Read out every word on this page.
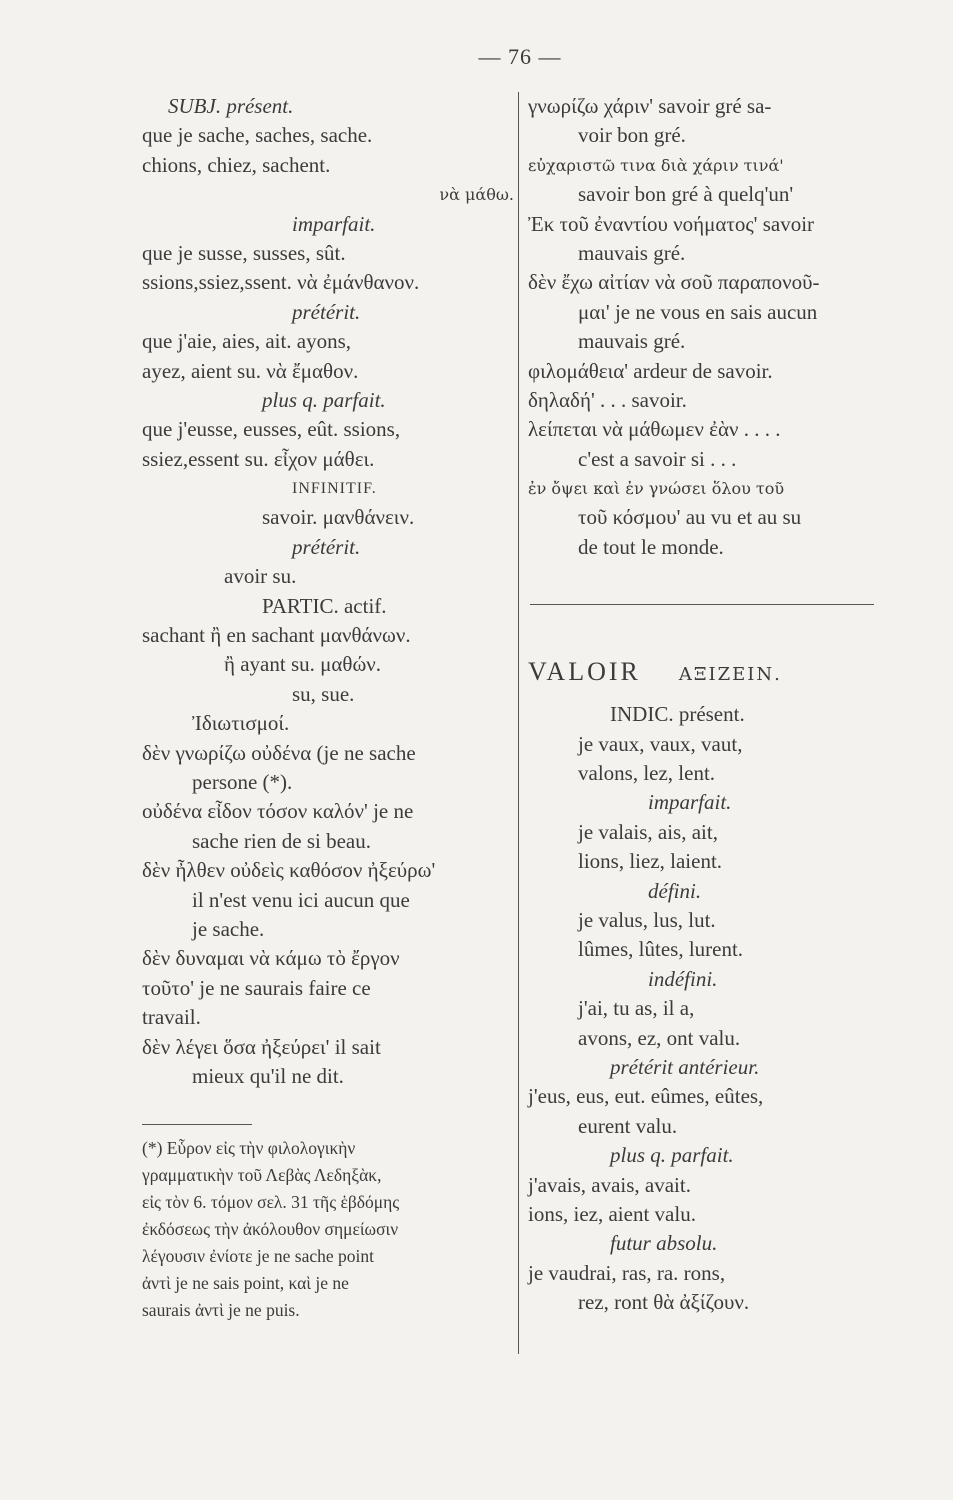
— 76 —
SUBJ. présent.
que je sache, saches, sache.
chions, chiez, sachent.
νὰ μάθω.
imparfait.
que je susse, susses, sût.
ssions,ssiez,ssent. νὰ ἐμάνθανον.
prétérit.
que j'aie, aies, ait. ayons,
ayez, aient su. νὰ ἔμαθον.
plus q. parfait.
que j'eusse, eusses, eût. ssions,
ssiez,essent su. εἶχον μάθει.
INFINITIF.
savoir. μανθάνειν.
prétérit.
avoir su.
PARTIC. actif.
sachant ἢ en sachant μανθάνων.
ἢ ayant su. μαθών.
su, sue.
Ἰδιωτισμοί.
δὲν γνωρίζω οὐδένα (je ne sache
persone (*).
οὐδένα εἶδον τόσον καλόν' je ne
sache rien de si beau.
δὲν ἦλθεν οὐδεὶς καθόσον ἠξεύρω'
il n'est venu ici aucun que
je sache.
δὲν δυναμαι νὰ κάμω τὸ ἔργον
τοῦτο' je ne saurais faire ce
travail.
δὲν λέγει ὅσα ἠξεύρει' il sait
mieux qu'il ne dit.
(*) Εὗρον εἰς τὴν φιλολογικὴν
γραμματικὴν τοῦ Λεβὰς Λεδηξὰκ,
εἰς τὸν 6. τόμον σελ. 31 τῆς ἑβδόμης
ἐκδόσεως τὴν ἀκόλουθον σημείωσιν
λέγουσιν ἐνίοτε je ne sache point
ἀντὶ je ne sais point, καὶ je ne
saurais ἀντὶ je ne puis.
γνωρίζω χάριν' savoir gré sa-
voir bon gré.
εὐχαριστῶ τινα διὰ χάριν τινά'
savoir bon gré à quelq'un'
Ἐκ τοῦ ἐναντίου νοήματος' savoir
mauvais gré.
δὲν ἔχω αἰτίαν νὰ σοῦ παραπονοῦ-
μαι' je ne vous en sais aucun
mauvais gré.
φιλομάθεια' ardeur de savoir.
δηλαδή' . . . savoir.
λείπεται νὰ μάθωμεν ἐὰν . . . .
c'est a savoir si . . .
ἐν ὄψει καὶ ἐν γνώσει ὅλου τοῦ
τοῦ κόσμου' au vu et au su
de tout le monde.
VALOIR ΑΞΙΖΕΙΝ.
INDIC. présent.
je vaux, vaux, vaut,
valons, lez, lent.
imparfait.
je valais, ais, ait,
lions, liez, laient.
défini.
je valus, lus, lut.
lûmes, lûtes, lurent.
indéfini.
j'ai, tu as, il a,
avons, ez, ont valu.
prétérit antérieur.
j'eus, eus, eut. eûmes, eûtes,
eurent valu.
plus q. parfait.
j'avais, avais, avait.
ions, iez, aient valu.
futur absolu.
je vaudrai, ras, ra. rons,
rez, ront θὰ ἀξίζουν.
